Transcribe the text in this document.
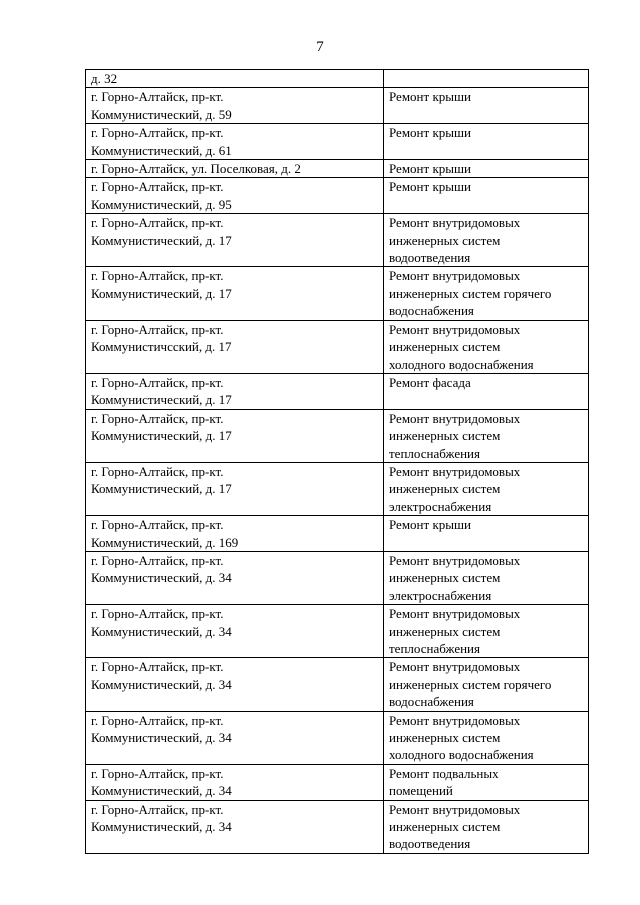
7
д. 32	
г. Горно-Алтайск, пр-кт.
Коммунистический, д. 59	Ремонт крыши
г. Горно-Алтайск, пр-кт.
Коммунистический, д. 61	Ремонт крыши
г. Горно-Алтайск, ул. Поселковая, д. 2	Ремонт крыши
г. Горно-Алтайск, пр-кт.
Коммунистический, д. 95	Ремонт крыши
г. Горно-Алтайск, пр-кт.
Коммунистический, д. 17	Ремонт внутридомовых
инженерных систем
водоотведения
г. Горно-Алтайск, пр-кт.
Коммунистический, д. 17	Ремонт внутридомовых
инженерных систем горячего
водоснабжения
г. Горно-Алтайск, пр-кт.
Коммунистичсский, д. 17	Ремонт внутридомовых
инженерных систем
холодного водоснабжения
г. Горно-Алтайск, пр-кт.
Коммунистический, д. 17	Ремонт фасада
г. Горно-Алтайск, пр-кт.
Коммунистический, д. 17	Ремонт внутридомовых
инженерных систем
теплоснабжения
г. Горно-Алтайск, пр-кт.
Коммунистический, д. 17	Ремонт внутридомовых
инженерных систем
электроснабжения
г. Горно-Алтайск, пр-кт.
Коммунистический, д. 169	Ремонт крыши
г. Горно-Алтайск, пр-кт.
Коммунистический, д. 34	Ремонт внутридомовых
инженерных систем
электроснабжения
г. Горно-Алтайск, пр-кт.
Коммунистический, д. 34	Ремонт внутридомовых
инженерных систем
теплоснабжения
г. Горно-Алтайск, пр-кт.
Коммунистический, д. 34	Ремонт внутридомовых
инженерных систем горячего
водоснабжения
г. Горно-Алтайск, пр-кт.
Коммунистический, д. 34	Ремонт внутридомовых
инженерных систем
холодного водоснабжения
г. Горно-Алтайск, пр-кт.
Коммунистический, д. 34	Ремонт подвальных
помещений
г. Горно-Алтайск, пр-кт.
Коммунистический, д. 34	Ремонт внутридомовых
инженерных систем
водоотведения
